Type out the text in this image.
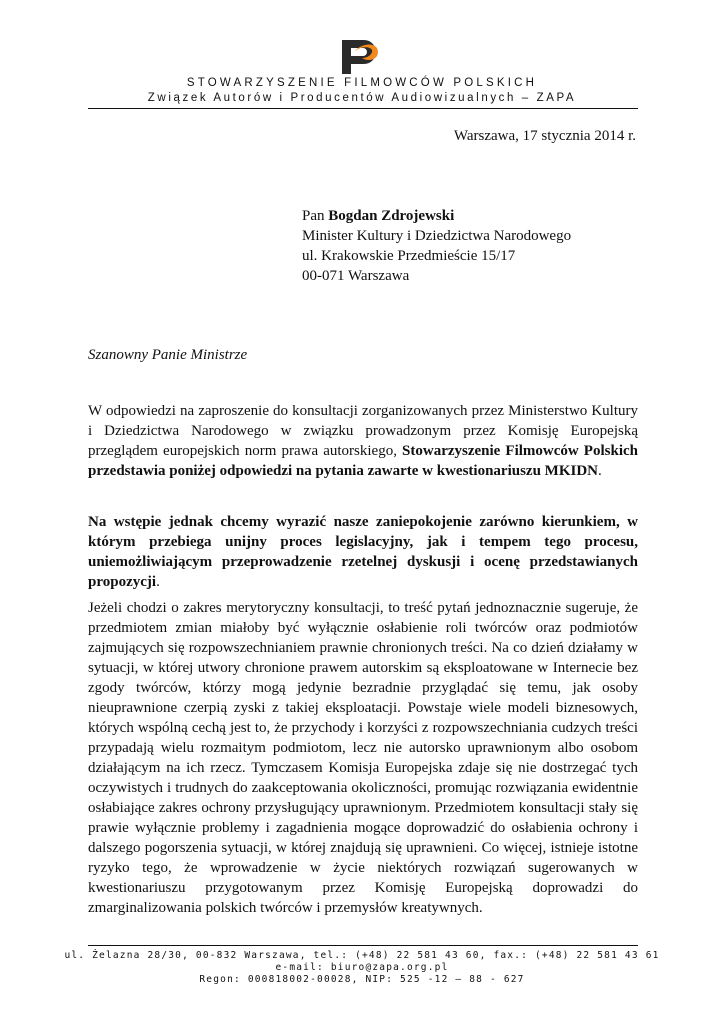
STOWARZYSZENIE FILMOWCÓW POLSKICH
Związek Autorów i Producentów Audiowizualnych – ZAPA
Warszawa, 17 stycznia 2014 r.
Pan Bogdan Zdrojewski
Minister Kultury i Dziedzictwa Narodowego
ul. Krakowskie Przedmieście 15/17
00-071 Warszawa
Szanowny Panie Ministrze
W odpowiedzi na zaproszenie do konsultacji zorganizowanych przez Ministerstwo Kultury i Dziedzictwa Narodowego w związku prowadzonym przez Komisję Europejską przeglądem europejskich norm prawa autorskiego, Stowarzyszenie Filmowców Polskich przedstawia poniżej odpowiedzi na pytania zawarte w kwestionariuszu MKIDN.
Na wstępie jednak chcemy wyrazić nasze zaniepokojenie zarówno kierunkiem, w którym przebiega unijny proces legislacyjny, jak i tempem tego procesu, uniemożliwiającym przeprowadzenie rzetelnej dyskusji i ocenę przedstawianych propozycji.
Jeżeli chodzi o zakres merytoryczny konsultacji, to treść pytań jednoznacznie sugeruje, że przedmiotem zmian miałoby być wyłącznie osłabienie roli twórców oraz podmiotów zajmujących się rozpowszechnianiem prawnie chronionych treści. Na co dzień działamy w sytuacji, w której utwory chronione prawem autorskim są eksploatowane w Internecie bez zgody twórców, którzy mogą jedynie bezradnie przyglądać się temu, jak osoby nieuprawnione czerpią zyski z takiej eksploatacji. Powstaje wiele modeli biznesowych, których wspólną cechą jest to, że przychody i korzyści z rozpowszechniania cudzych treści przypadają wielu rozmaitym podmiotom, lecz nie autorsko uprawnionym albo osobom działającym na ich rzecz. Tymczasem Komisja Europejska zdaje się nie dostrzegać tych oczywistych i trudnych do zaakceptowania okoliczności, promując rozwiązania ewidentnie osłabiające zakres ochrony przysługujący uprawnionym. Przedmiotem konsultacji stały się prawie wyłącznie problemy i zagadnienia mogące doprowadzić do osłabienia ochrony i dalszego pogorszenia sytuacji, w której znajdują się uprawnieni. Co więcej, istnieje istotne ryzyko tego, że wprowadzenie w życie niektórych rozwiązań sugerowanych w kwestionariuszu przygotowanym przez Komisję Europejską doprowadzi do zmarginalizowania polskich twórców i przemysłów kreatywnych.
ul. Żelazna 28/30, 00-832 Warszawa, tel.: (+48) 22 581 43 60, fax.: (+48) 22 581 43 61
e-mail: biuro@zapa.org.pl
Regon: 000818002-00028, NIP: 525 -12 – 88 - 627
